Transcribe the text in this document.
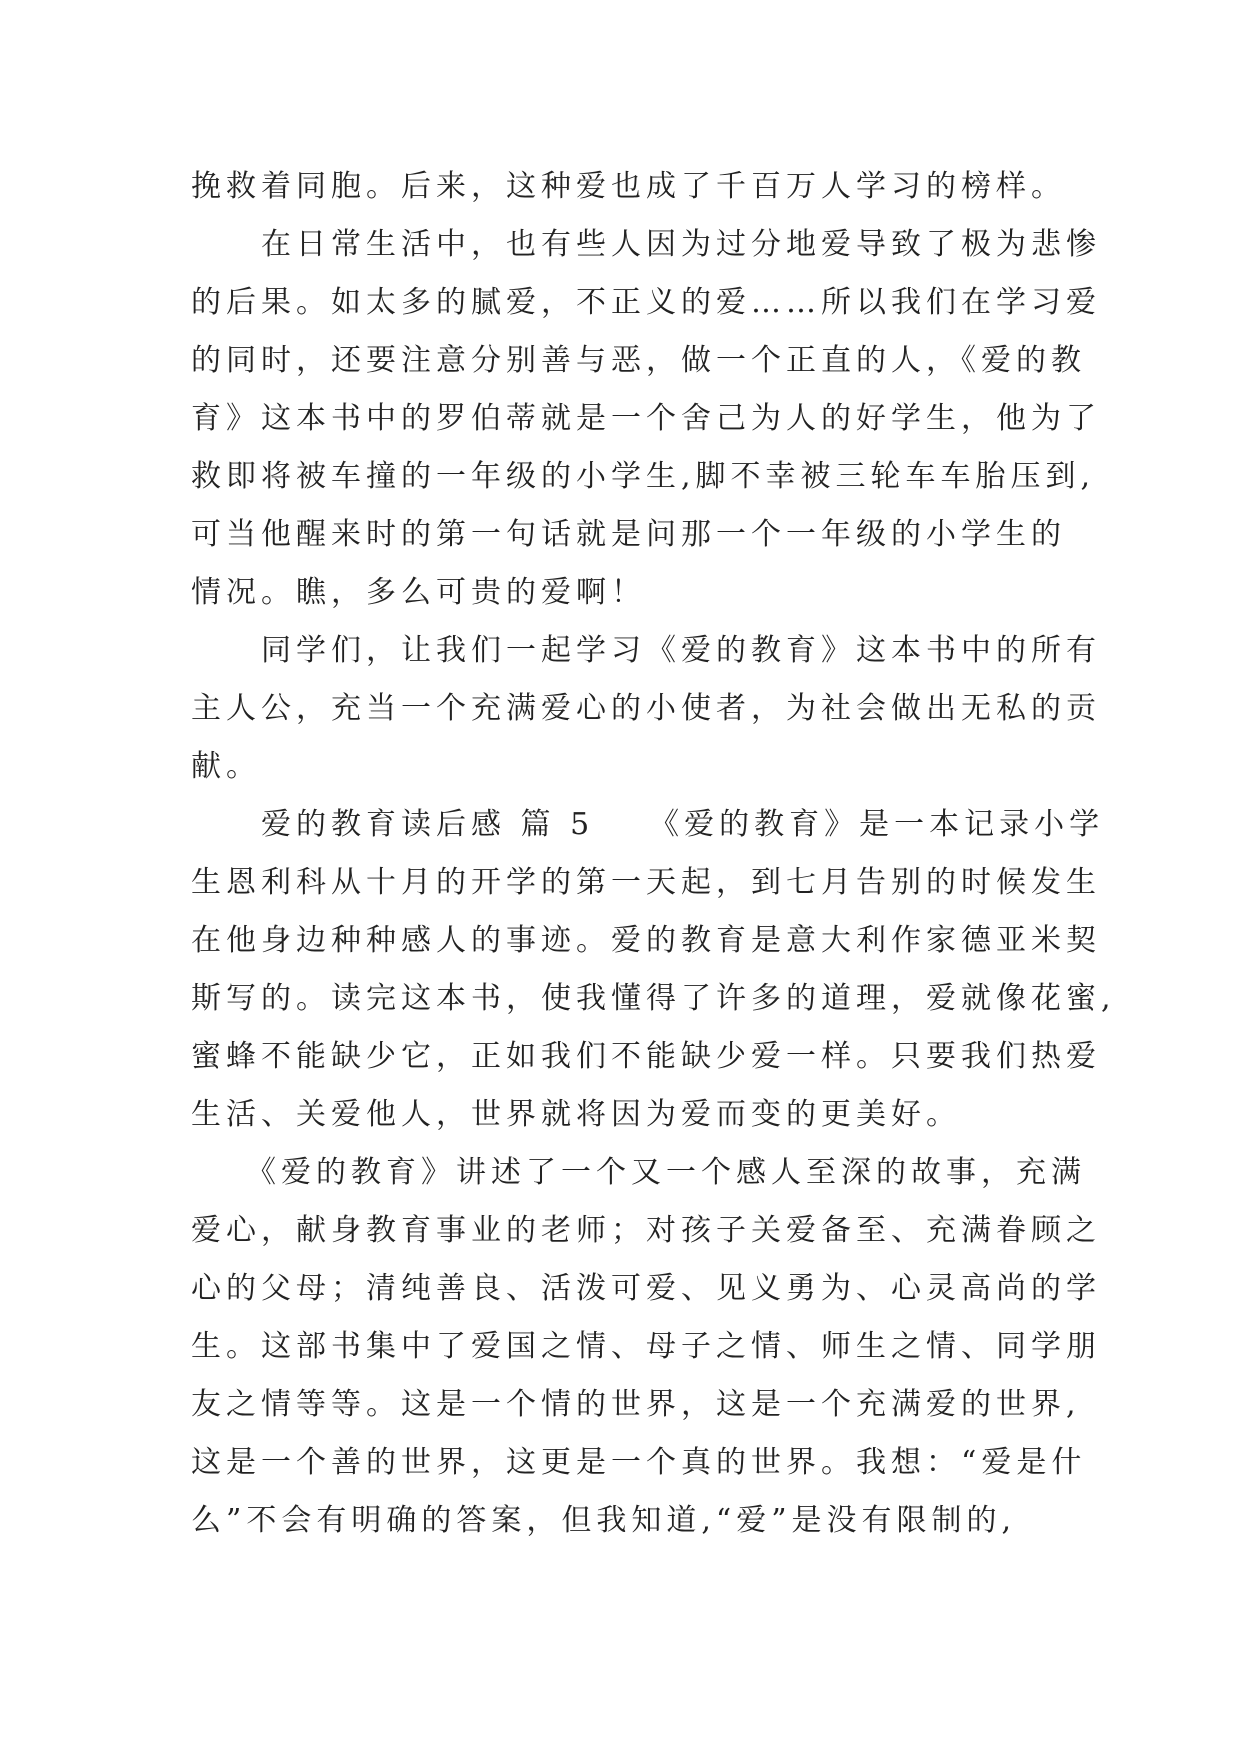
挽救着同胞。后来，这种爱也成了千百万人学习的榜样。
　　在日常生活中，也有些人因为过分地爱导致了极为悲惨
的后果。如太多的腻爱，不正义的爱……所以我们在学习爱
的同时，还要注意分别善与恶，做一个正直的人，《爱的教
育》这本书中的罗伯蒂就是一个舍己为人的好学生，他为了
救即将被车撞的一年级的小学生,脚不幸被三轮车车胎压到,
可当他醒来时的第一句话就是问那一个一年级的小学生的
情况。瞧，多么可贵的爱啊！
　　同学们，让我们一起学习《爱的教育》这本书中的所有
主人公，充当一个充满爱心的小使者，为社会做出无私的贡
献。
　　爱的教育读后感 篇 5　　《爱的教育》是一本记录小学
生恩利科从十月的开学的第一天起，到七月告别的时候发生
在他身边种种感人的事迹。爱的教育是意大利作家德亚米契
斯写的。读完这本书，使我懂得了许多的道理，爱就像花蜜,
蜜蜂不能缺少它，正如我们不能缺少爱一样。只要我们热爱
生活、关爱他人，世界就将因为爱而变的更美好。
　　《爱的教育》讲述了一个又一个感人至深的故事，充满
爱心，献身教育事业的老师；对孩子关爱备至、充满眷顾之
心的父母；清纯善良、活泼可爱、见义勇为、心灵高尚的学
生。这部书集中了爱国之情、母子之情、师生之情、同学朋
友之情等等。这是一个情的世界，这是一个充满爱的世界,
这是一个善的世界，这更是一个真的世界。我想：“爱是什
么”不会有明确的答案，但我知道,“爱”是没有限制的,
